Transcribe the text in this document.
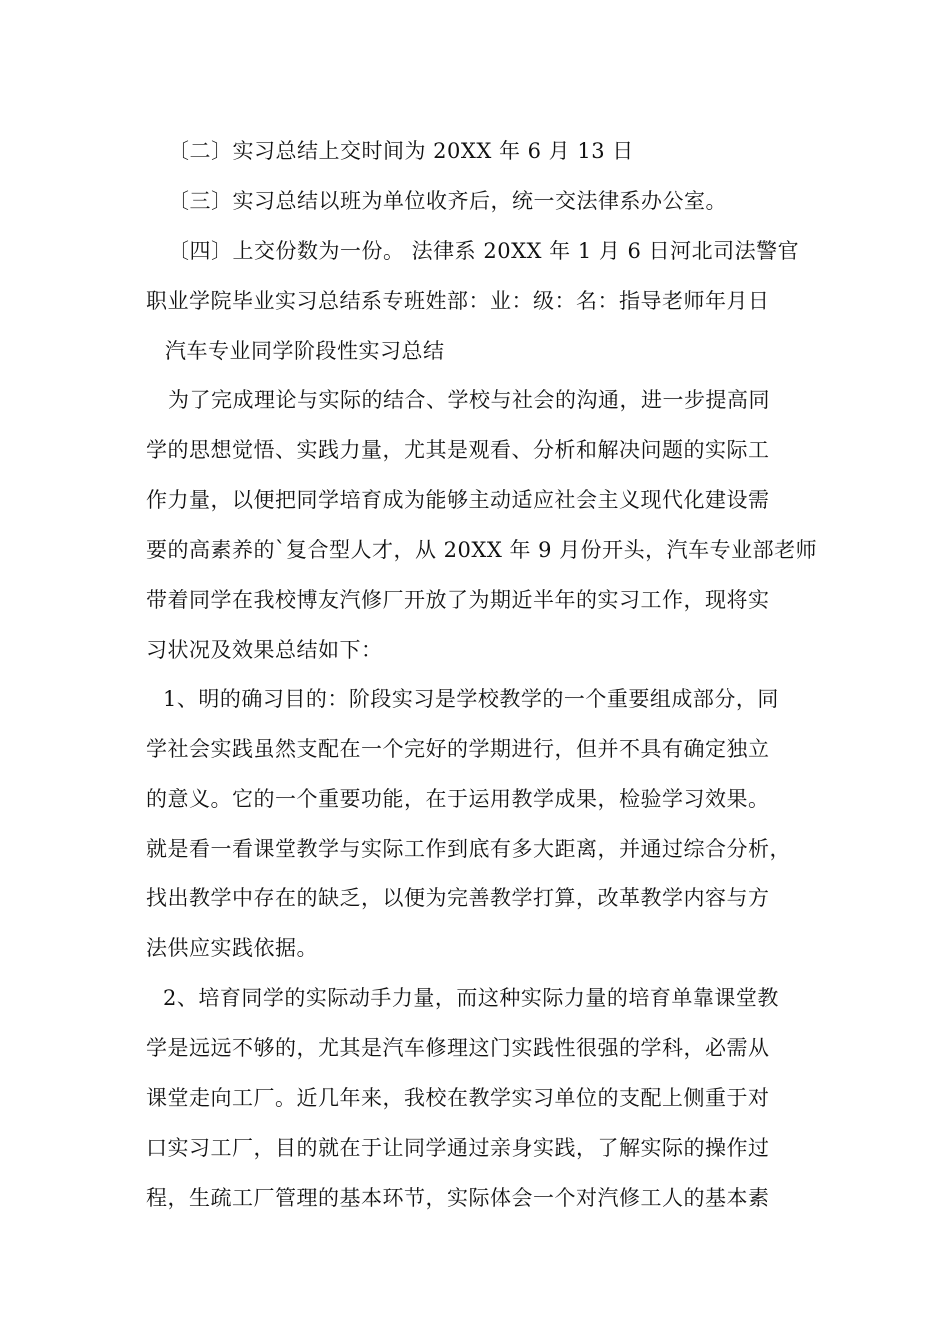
〔二〕实习总结上交时间为 20XX 年 6 月 13 日
〔三〕实习总结以班为单位收齐后，统一交法律系办公室。
〔四〕上交份数为一份。 法律系 20XX 年 1 月 6 日河北司法警官
职业学院毕业实习总结系专班姓部：业：级：名：指导老师年月日
汽车专业同学阶段性实习总结
为了完成理论与实际的结合、学校与社会的沟通，进一步提高同
学的思想觉悟、实践力量，尤其是观看、分析和解决问题的实际工
作力量，以便把同学培育成为能够主动适应社会主义现代化建设需
要的高素养的`复合型人才，从 20XX 年 9 月份开头，汽车专业部老师
带着同学在我校博友汽修厂开放了为期近半年的实习工作，现将实
习状况及效果总结如下：
1、明的确习目的：阶段实习是学校教学的一个重要组成部分，同
学社会实践虽然支配在一个完好的学期进行，但并不具有确定独立
的意义。它的一个重要功能，在于运用教学成果，检验学习效果。
就是看一看课堂教学与实际工作到底有多大距离，并通过综合分析，
找出教学中存在的缺乏，以便为完善教学打算，改革教学内容与方
法供应实践依据。
2、培育同学的实际动手力量，而这种实际力量的培育单靠课堂教
学是远远不够的，尤其是汽车修理这门实践性很强的学科，必需从
课堂走向工厂。近几年来，我校在教学实习单位的支配上侧重于对
口实习工厂，目的就在于让同学通过亲身实践，了解实际的操作过
程，生疏工厂管理的基本环节，实际体会一个对汽修工人的基本素
